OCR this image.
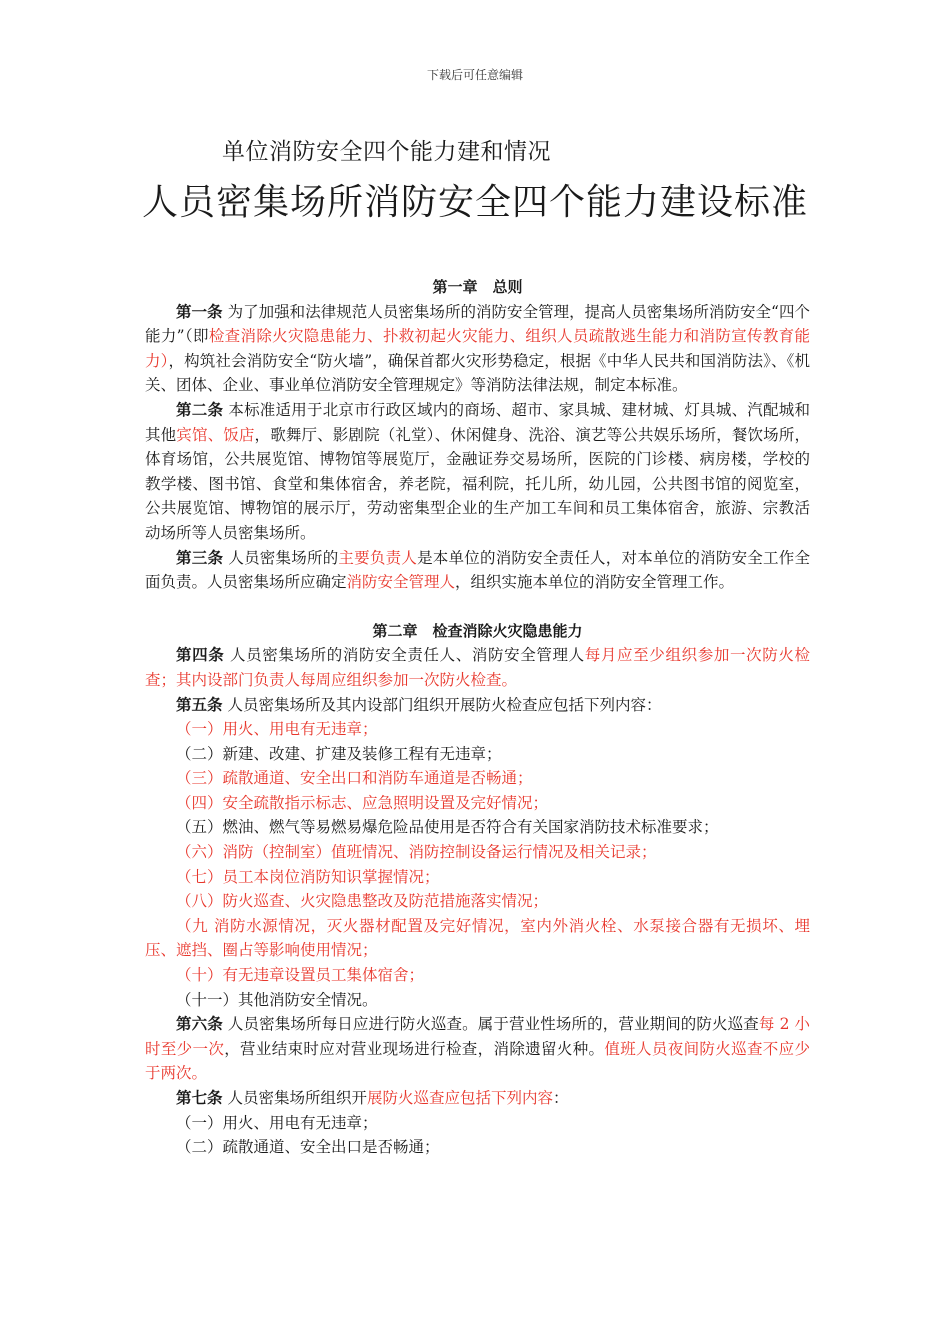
下载后可任意编辑
单位消防安全四个能力建和情况
人员密集场所消防安全四个能力建设标准
第一章　总则

第一条 为了加强和法律规范人员密集场所的消防安全管理，提高人员密集场所消防安全“四个能力”（即检查消除火灾隐患能力、扑救初起火灾能力、组织人员疏散逃生能力和消防宣传教育能力），构筑社会消防安全“防火墙”，确保首都火灾形势稳定，根据《中华人民共和国消防法》、《机关、团体、企业、事业单位消防安全管理规定》等消防法律法规，制定本标准。

第二条 本标准适用于北京市行政区域内的商场、超市、家具城、建材城、灯具城、汽配城和其他宾馆、饭店，歌舞厅、影剧院（礼堂）、休闲健身、洗浴、演艺等公共娱乐场所，餐饮场所，体育场馆，公共展览馆、博物馆等展览厅，金融证券交易场所，医院的门诊楼、病房楼，学校的教学楼、图书馆、食堂和集体宿舍，养老院，福利院，托儿所，幼儿园，公共图书馆的阅览室，公共展览馆、博物馆的展示厅，劳动密集型企业的生产加工车间和员工集体宿舍，旅游、宗教活动场所等人员密集场所。

第三条 人员密集场所的主要负责人是本单位的消防安全责任人，对本单位的消防安全工作全面负责。人员密集场所应确定消防安全管理人，组织实施本单位的消防安全管理工作。

第二章　检查消除火灾隐患能力

第四条 人员密集场所的消防安全责任人、消防安全管理人每月应至少组织参加一次防火检查；其内设部门负责人每周应组织参加一次防火检查。

第五条 人员密集场所及其内设部门组织开展防火检查应包括下列内容：

（一）用火、用电有无违章；

（二）新建、改建、扩建及装修工程有无违章；

（三）疏散通道、安全出口和消防车通道是否畅通；

（四）安全疏散指示标志、应急照明设置及完好情况；

（五）燃油、燃气等易燃易爆危险品使用是否符合有关国家消防技术标准要求；

（六）消防（控制室）值班情况、消防控制设备运行情况及相关记录；

（七）员工本岗位消防知识掌握情况；

（八）防火巡查、火灾隐患整改及防范措施落实情况；

（九 消防水源情况，灭火器材配置及完好情况，室内外消火栓、水泵接合器有无损坏、埋压、遮挡、圈占等影响使用情况；

（十）有无违章设置员工集体宿舍；

（十一）其他消防安全情况。

第六条 人员密集场所每日应进行防火巡查。属于营业性场所的，营业期间的防火巡查每 2 小时至少一次，营业结束时应对营业现场进行检查，消除遗留火种。值班人员夜间防火巡查不应少于两次。

第七条 人员密集场所组织开展防火巡查应包括下列内容：

（一）用火、用电有无违章；

（二）疏散通道、安全出口是否畅通；
